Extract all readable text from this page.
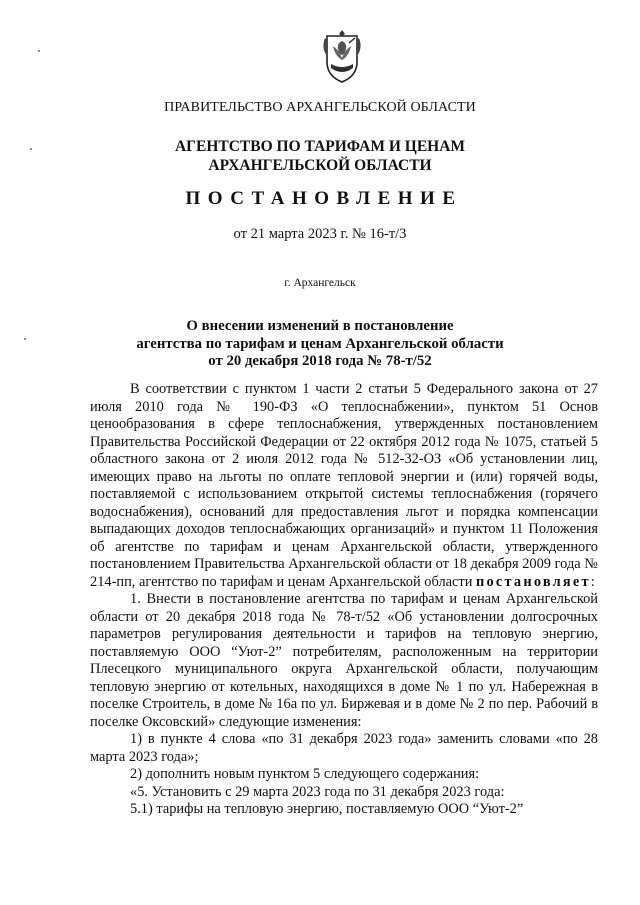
ПРАВИТЕЛЬСТВО АРХАНГЕЛЬСКОЙ ОБЛАСТИ
АГЕНТСТВО ПО ТАРИФАМ И ЦЕНАМ
АРХАНГЕЛЬСКОЙ ОБЛАСТИ
ПОСТАНОВЛЕНИЕ
от 21 марта 2023 г. № 16-т/3
г. Архангельск
О внесении изменений в постановление
агентства по тарифам и ценам Архангельской области
от 20 декабря 2018 года № 78-т/52

В соответствии с пунктом 1 части 2 статьи 5 Федерального закона от 27 июля 2010 года № 190-ФЗ «О теплоснабжении», пунктом 51 Основ ценообразования в сфере теплоснабжения, утвержденных постановлением Правительства Российской Федерации от 22 октября 2012 года № 1075, статьей 5 областного закона от 2 июля 2012 года № 512-32-ОЗ «Об установлении лиц, имеющих право на льготы по оплате тепловой энергии и (или) горячей воды, поставляемой с использованием открытой системы теплоснабжения (горячего водоснабжения), оснований для предоставления льгот и порядка компенсации выпадающих доходов теплоснабжающих организаций» и пунктом 11 Положения об агентстве по тарифам и ценам Архангельской области, утвержденного постановлением Правительства Архангельской области от 18 декабря 2009 года № 214-пп, агентство по тарифам и ценам Архангельской области постановляет:

1. Внести в постановление агентства по тарифам и ценам Архангельской области от 20 декабря 2018 года № 78-т/52 «Об установлении долгосрочных параметров регулирования деятельности и тарифов на тепловую энергию, поставляемую ООО “Уют-2” потребителям, расположенным на территории Плесецкого муниципального округа Архангельской области, получающим тепловую энергию от котельных, находящихся в доме № 1 по ул. Набережная в поселке Строитель, в доме № 16а по ул. Биржевая и в доме № 2 по пер. Рабочий в поселке Оксовский» следующие изменения:

1) в пункте 4 слова «по 31 декабря 2023 года» заменить словами «по 28 марта 2023 года»;

2) дополнить новым пунктом 5 следующего содержания:

«5. Установить с 29 марта 2023 года по 31 декабря 2023 года:

5.1) тарифы на тепловую энергию, поставляемую ООО “Уют-2”
